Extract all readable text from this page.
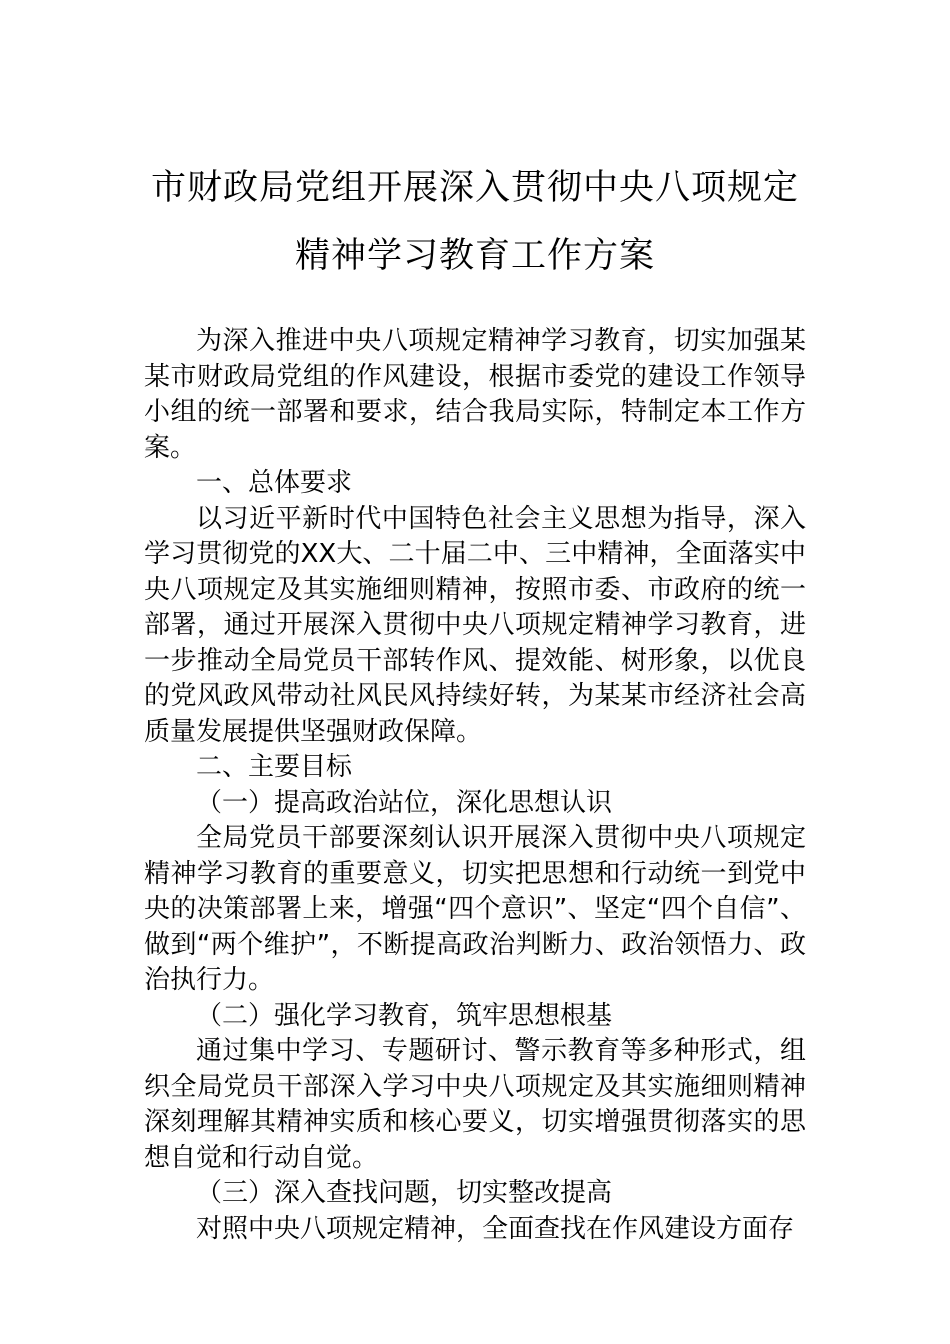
市财政局党组开展深入贯彻中央八项规定
精神学习教育工作方案

为深入推进中央八项规定精神学习教育，切实加强某某市财政局党组的作风建设，根据市委党的建设工作领导小组的统一部署和要求，结合我局实际，特制定本工作方案。

一、总体要求

以习近平新时代中国特色社会主义思想为指导，深入学习贯彻党的XX大、二十届二中、三中精神，全面落实中央八项规定及其实施细则精神，按照市委、市政府的统一部署，通过开展深入贯彻中央八项规定精神学习教育，进一步推动全局党员干部转作风、提效能、树形象，以优良的党风政风带动社风民风持续好转，为某某市经济社会高质量发展提供坚强财政保障。

二、主要目标

（一）提高政治站位，深化思想认识

全局党员干部要深刻认识开展深入贯彻中央八项规定精神学习教育的重要意义，切实把思想和行动统一到党中央的决策部署上来，增强“四个意识”、坚定“四个自信”、做到“两个维护”，不断提高政治判断力、政治领悟力、政治执行力。

（二）强化学习教育，筑牢思想根基

通过集中学习、专题研讨、警示教育等多种形式，组织全局党员干部深入学习中央八项规定及其实施细则精神深刻理解其精神实质和核心要义，切实增强贯彻落实的思想自觉和行动自觉。

（三）深入查找问题，切实整改提高

对照中央八项规定精神，全面查找在作风建设方面存
